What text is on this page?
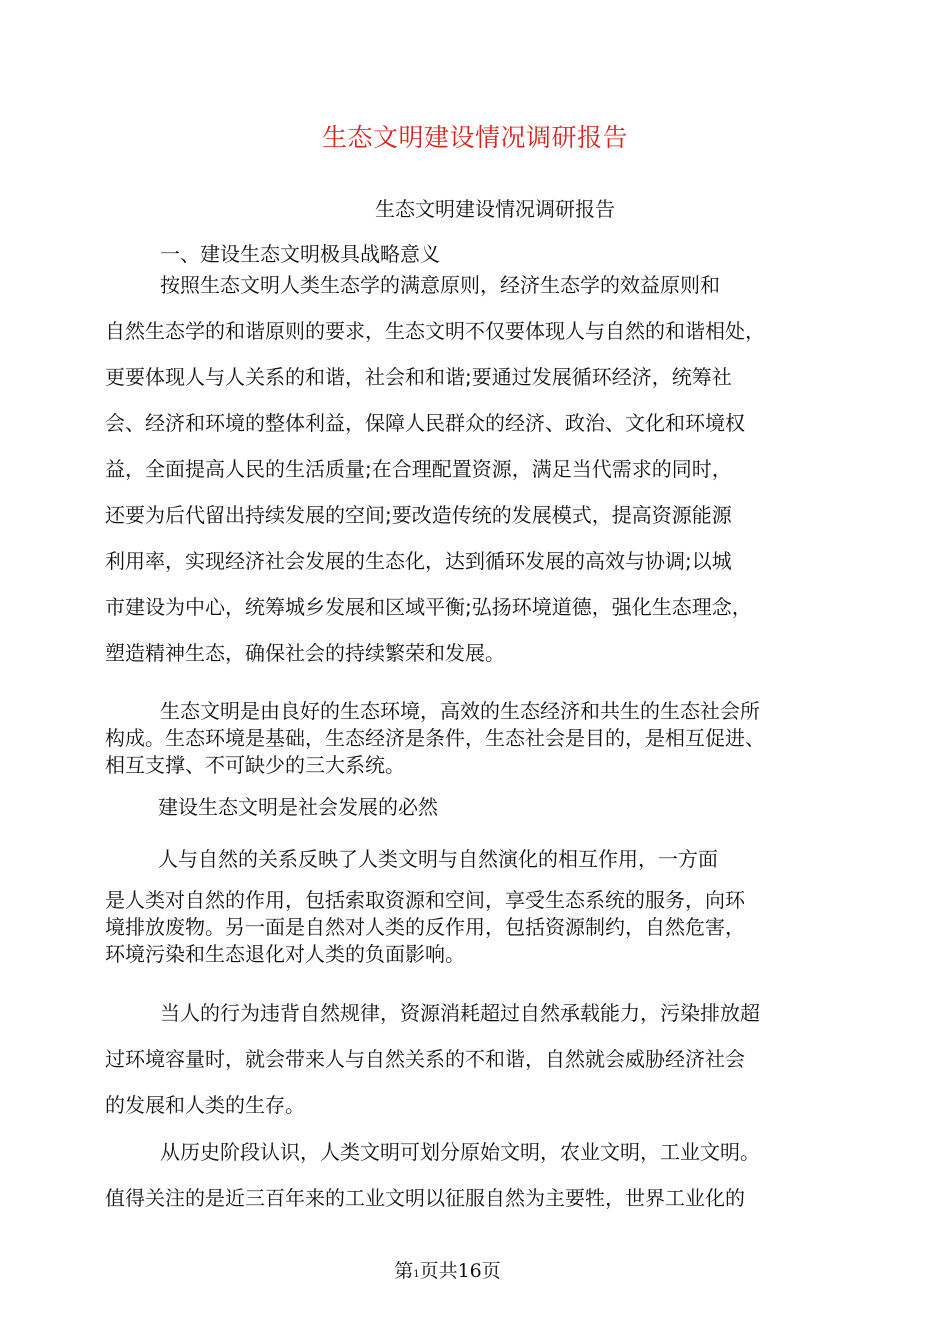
生态文明建设情况调研报告
生态文明建设情况调研报告
一、建设生态文明极具战略意义
按照生态文明人类生态学的满意原则，经济生态学的效益原则和
自然生态学的和谐原则的要求，生态文明不仅要体现人与自然的和谐相处，
更要体现人与人关系的和谐，社会和和谐;要通过发展循环经济，统筹社
会、经济和环境的整体利益，保障人民群众的经济、政治、文化和环境权
益，全面提高人民的生活质量;在合理配置资源，满足当代需求的同时，
还要为后代留出持续发展的空间;要改造传统的发展模式，提高资源能源
利用率，实现经济社会发展的生态化，达到循环发展的高效与协调;以城
市建设为中心，统筹城乡发展和区域平衡;弘扬环境道德，强化生态理念，
塑造精神生态，确保社会的持续繁荣和发展。
生态文明是由良好的生态环境，高效的生态经济和共生的生态社会所
构成。生态环境是基础，生态经济是条件，生态社会是目的，是相互促进、
相互支撑、不可缺少的三大系统。
建设生态文明是社会发展的必然
人与自然的关系反映了人类文明与自然演化的相互作用，一方面
是人类对自然的作用，包括索取资源和空间，享受生态系统的服务，向环
境排放废物。另一面是自然对人类的反作用，包括资源制约，自然危害，
环境污染和生态退化对人类的负面影响。
当人的行为违背自然规律，资源消耗超过自然承载能力，污染排放超
过环境容量时，就会带来人与自然关系的不和谐，自然就会威胁经济社会
的发展和人类的生存。
从历史阶段认识，人类文明可划分原始文明，农业文明，工业文明。
值得关注的是近三百年来的工业文明以征服自然为主要牲，世界工业化的
第1页共16页
